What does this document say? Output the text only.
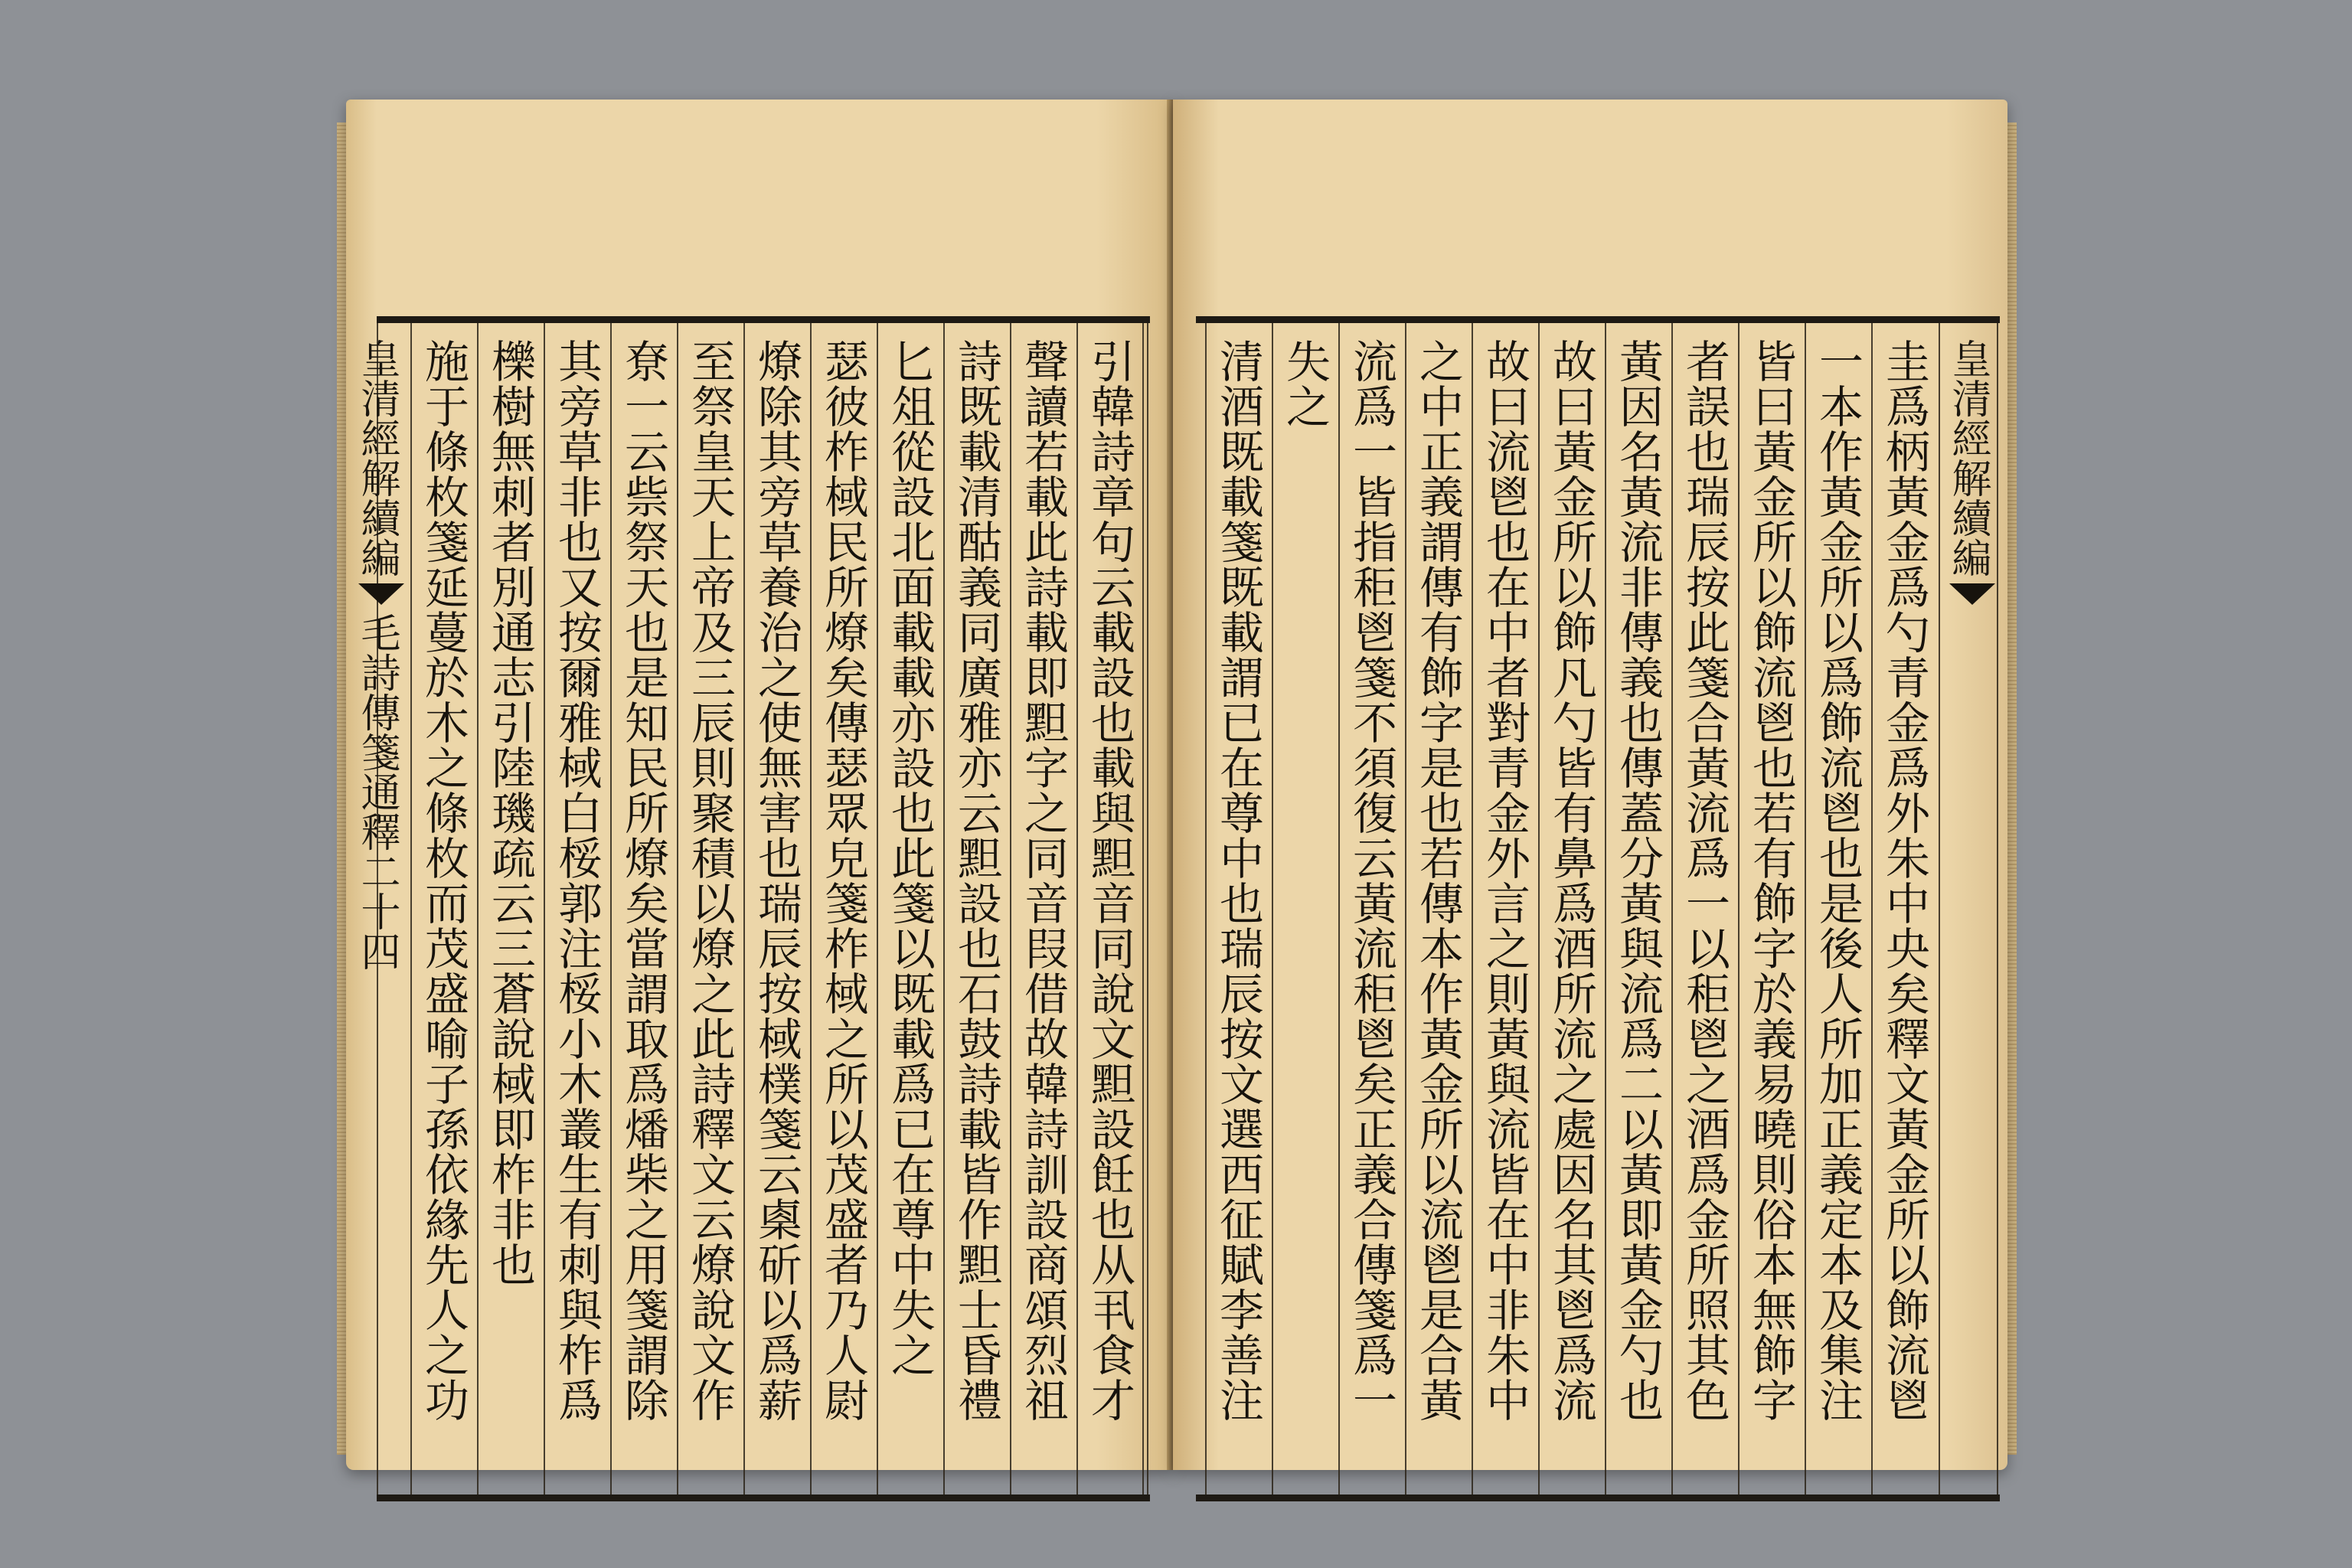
引韓詩章句云載設也載與䵣音同說文䵣設飪也从丮食才
聲讀若載此詩載即䵣字之同音叚借故韓詩訓設商頌烈祖
詩既載清酤義同廣雅亦云䵣設也石鼓詩載皆作䵣士昏禮
匕俎從設北面載載亦設也此箋以既載爲已在尊中失之
瑟彼柞棫民所燎矣傳瑟眾皃箋柞棫之所以茂盛者乃人㷉
燎除其旁草養治之使無害也瑞辰按棫樸箋云㮚斫以爲薪
至祭皇天上帝及三辰則聚積以燎之此詩釋文云燎說文作
尞一云祡祭天也是知民所燎矣當謂取爲燔柴之用箋謂除
其旁草非也又按爾雅棫白桵郭注桵小木叢生有刺與柞爲
櫟樹無刺者別通志引陸璣疏云三蒼說棫即柞非也
施于條枚箋延蔓於木之條枚而茂盛喻子孫依緣先人之功
皇清經解續編
毛詩傳箋通釋二十四
皇清經解續編
圭爲柄黃金爲勺青金爲外朱中央矣釋文黃金所以飾流鬯
一本作黃金所以爲飾流鬯也是後人所加正義定本及集注
皆曰黃金所以飾流鬯也若有飾字於義易曉則俗本無飾字
者誤也瑞辰按此箋合黃流爲一以秬鬯之酒爲金所照其色
黃因名黃流非傳義也傳蓋分黃與流爲二以黃即黃金勺也
故曰黃金所以飾凡勺皆有鼻爲酒所流之處因名其鬯爲流
故曰流鬯也在中者對青金外言之則黃與流皆在中非朱中
之中正義謂傳有飾字是也若傳本作黃金所以流鬯是合黃
流爲一皆指秬鬯箋不須復云黃流秬鬯矣正義合傳箋爲一
失之
清酒既載箋既載謂已在尊中也瑞辰按文選西征賦李善注
